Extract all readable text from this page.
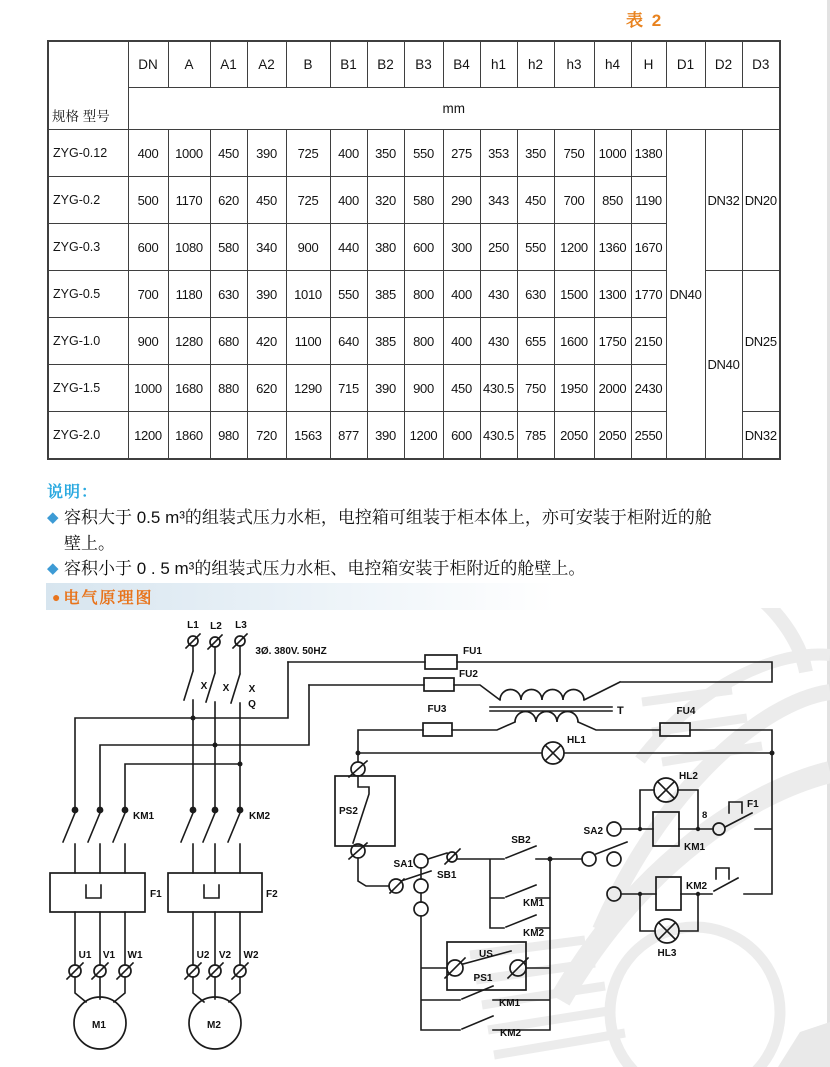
表 2
规格 型号	DN	A	A1	A2	B	B1	B2	B3	B4	h1	h2	h3	h4	H	D1	D2	D3
	mm																
ZYG-0.12	400	1000	450	390	725	400	350	550	275	353	350	750	1000	1380	DN40	DN32	DN20
ZYG-0.2	500	1170	620	450	725	400	320	580	290	343	450	700	850	1190			
ZYG-0.3	600	1080	580	340	900	440	380	600	300	250	550	1200	1360	1670			
ZYG-0.5	700	1180	630	390	1010	550	385	800	400	430	630	1500	1300	1770		DN40	DN25
ZYG-1.0	900	1280	680	420	1100	640	385	800	400	430	655	1600	1750	2150			
ZYG-1.5	1000	1680	880	620	1290	715	390	900	450	430.5	750	1950	2000	2430			
ZYG-2.0	1200	1860	980	720	1563	877	390	1200	600	430.5	785	2050	2050	2550			DN32
说明：
◆ 容积大于 0.5 m³的组装式压力水柜，电控箱可组装于柜本体上，亦可安装于柜附近的舱壁上。
◆ 容积小于 0 . 5 m³的组装式压力水柜、电控箱安装于柜附近的舱壁上。
● 电气原理图
L1 L2 L3
3Ø. 380V. 50HZ
X X X
Q
FU1
FU2
FU3	FU4
T
HL1
PS2
SA1
SB1
SB2
KM1
KM2
SA2
HL2
8
KM1
F1
KM2
HL3
US
PS1
KM1
KM2
KM1	KM2
F1	F2
U1 V1 W1	U2 V2 W2
M1	M2
